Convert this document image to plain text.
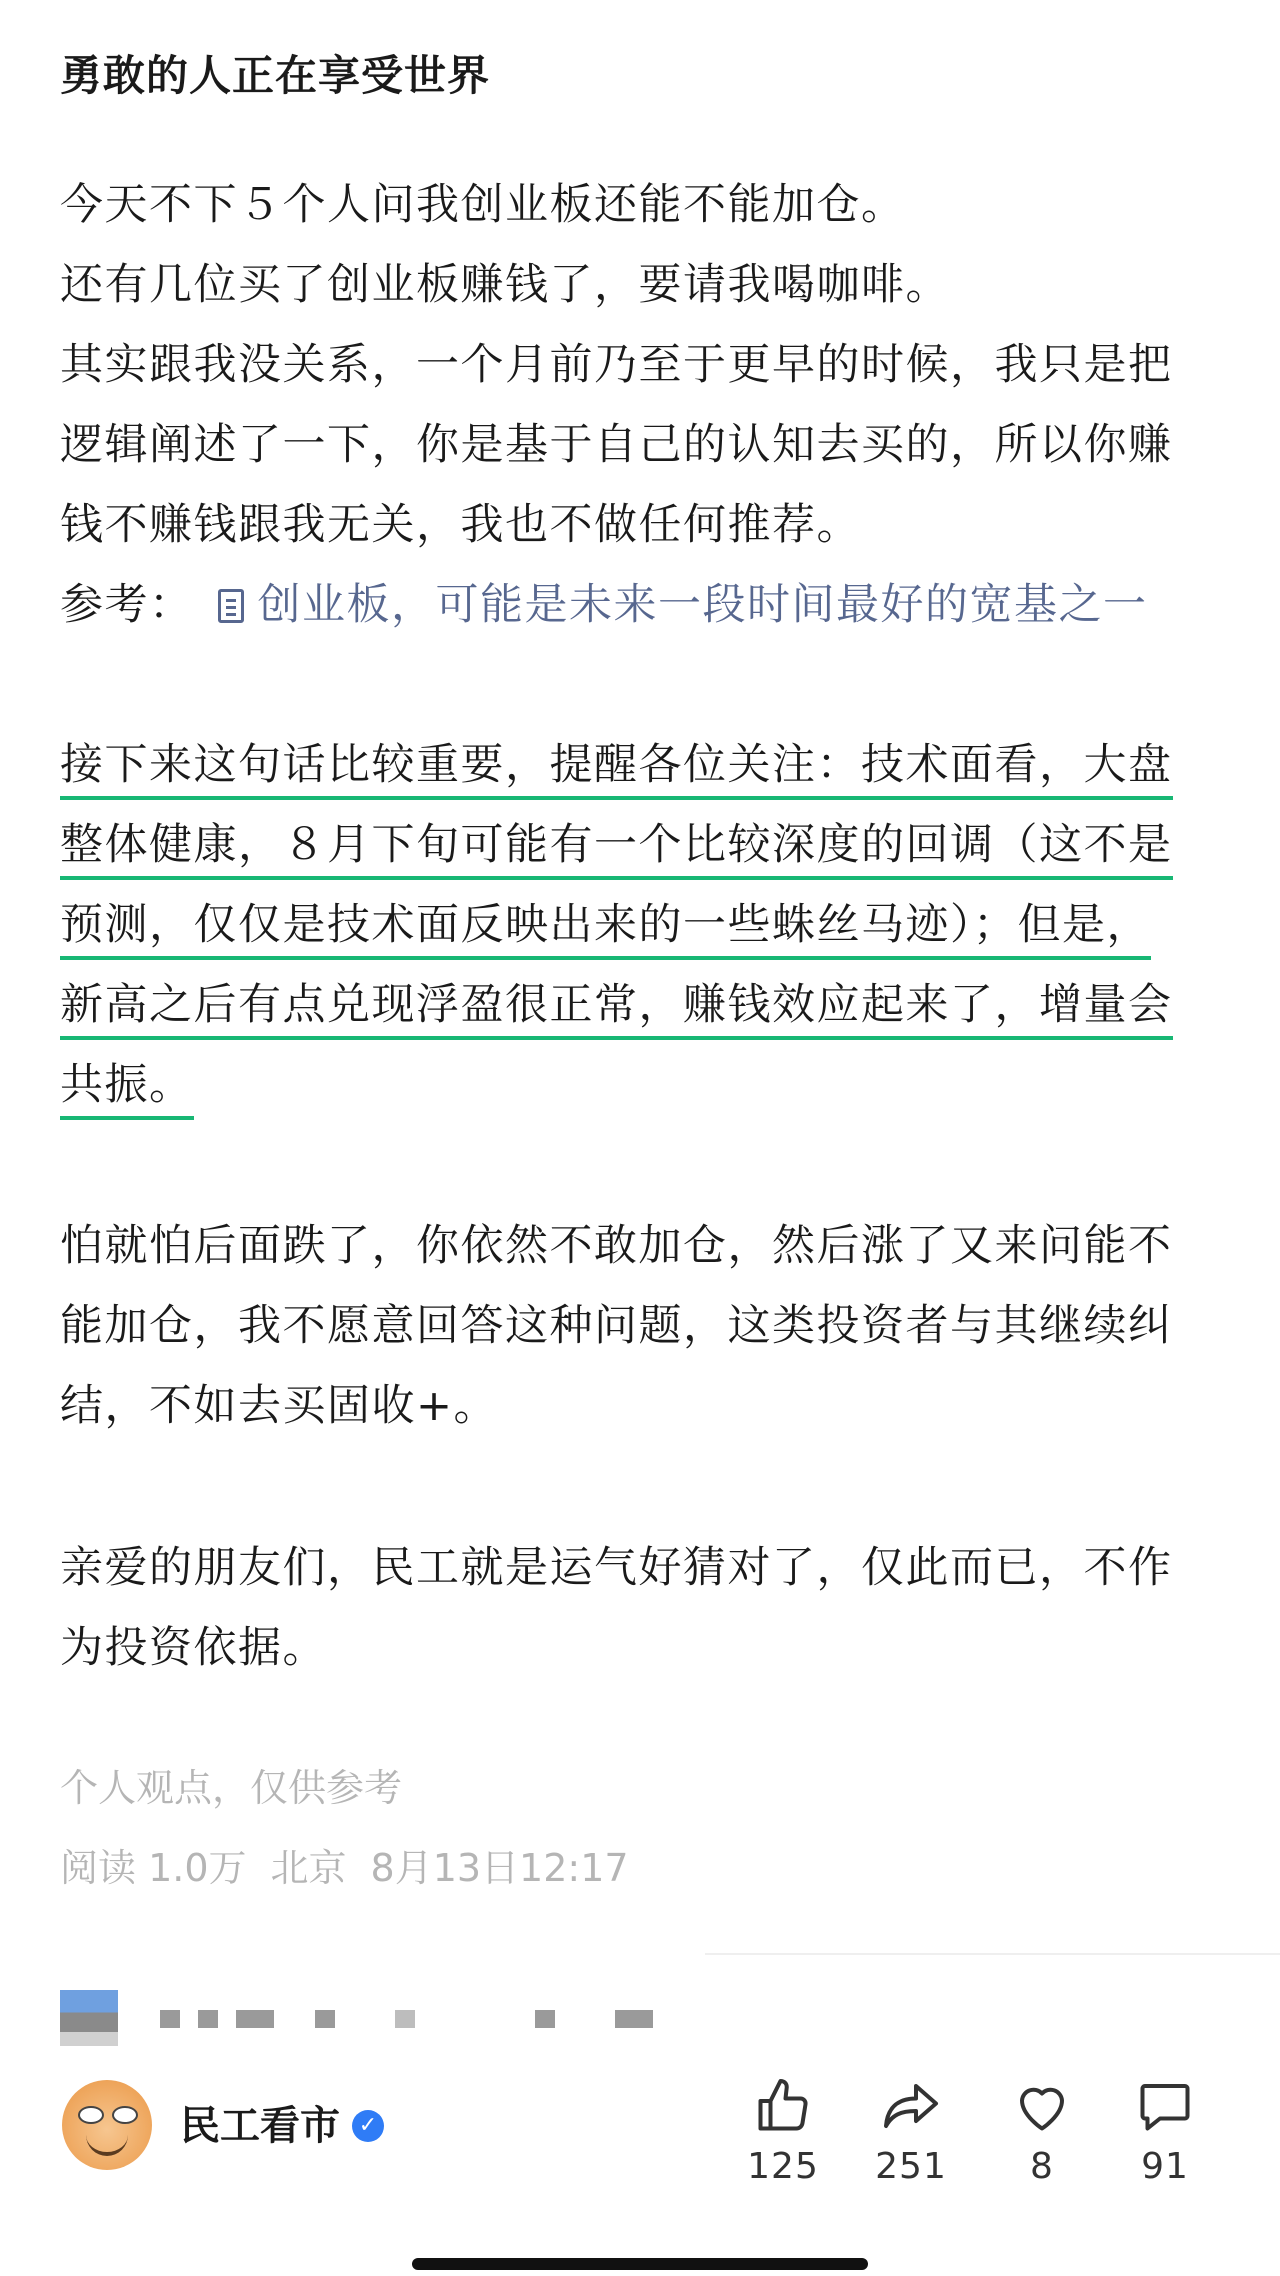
勇敢的人正在享受世界
今天不下５个人问我创业板还能不能加仓。
还有几位买了创业板赚钱了，要请我喝咖啡。
其实跟我没关系，一个月前乃至于更早的时候，我只是把
逻辑阐述了一下，你是基于自己的认知去买的，所以你赚
钱不赚钱跟我无关，我也不做任何推荐。
参考： 创业板，可能是未来一段时间最好的宽基之一
接下来这句话比较重要，提醒各位关注：技术面看，大盘
整体健康，８月下旬可能有一个比较深度的回调（这不是
预测，仅仅是技术面反映出来的一些蛛丝马迹）；但是，
新高之后有点兑现浮盈很正常，赚钱效应起来了，增量会
共振。
怕就怕后面跌了，你依然不敢加仓，然后涨了又来问能不
能加仓，我不愿意回答这种问题，这类投资者与其继续纠
结，不如去买固收+。
亲爱的朋友们，民工就是运气好猜对了，仅此而已，不作
为投资依据。
个人观点，仅供参考
阅读 1.0万 北京 8月13日12:17
民工看市 ✓
125	251	8	91
